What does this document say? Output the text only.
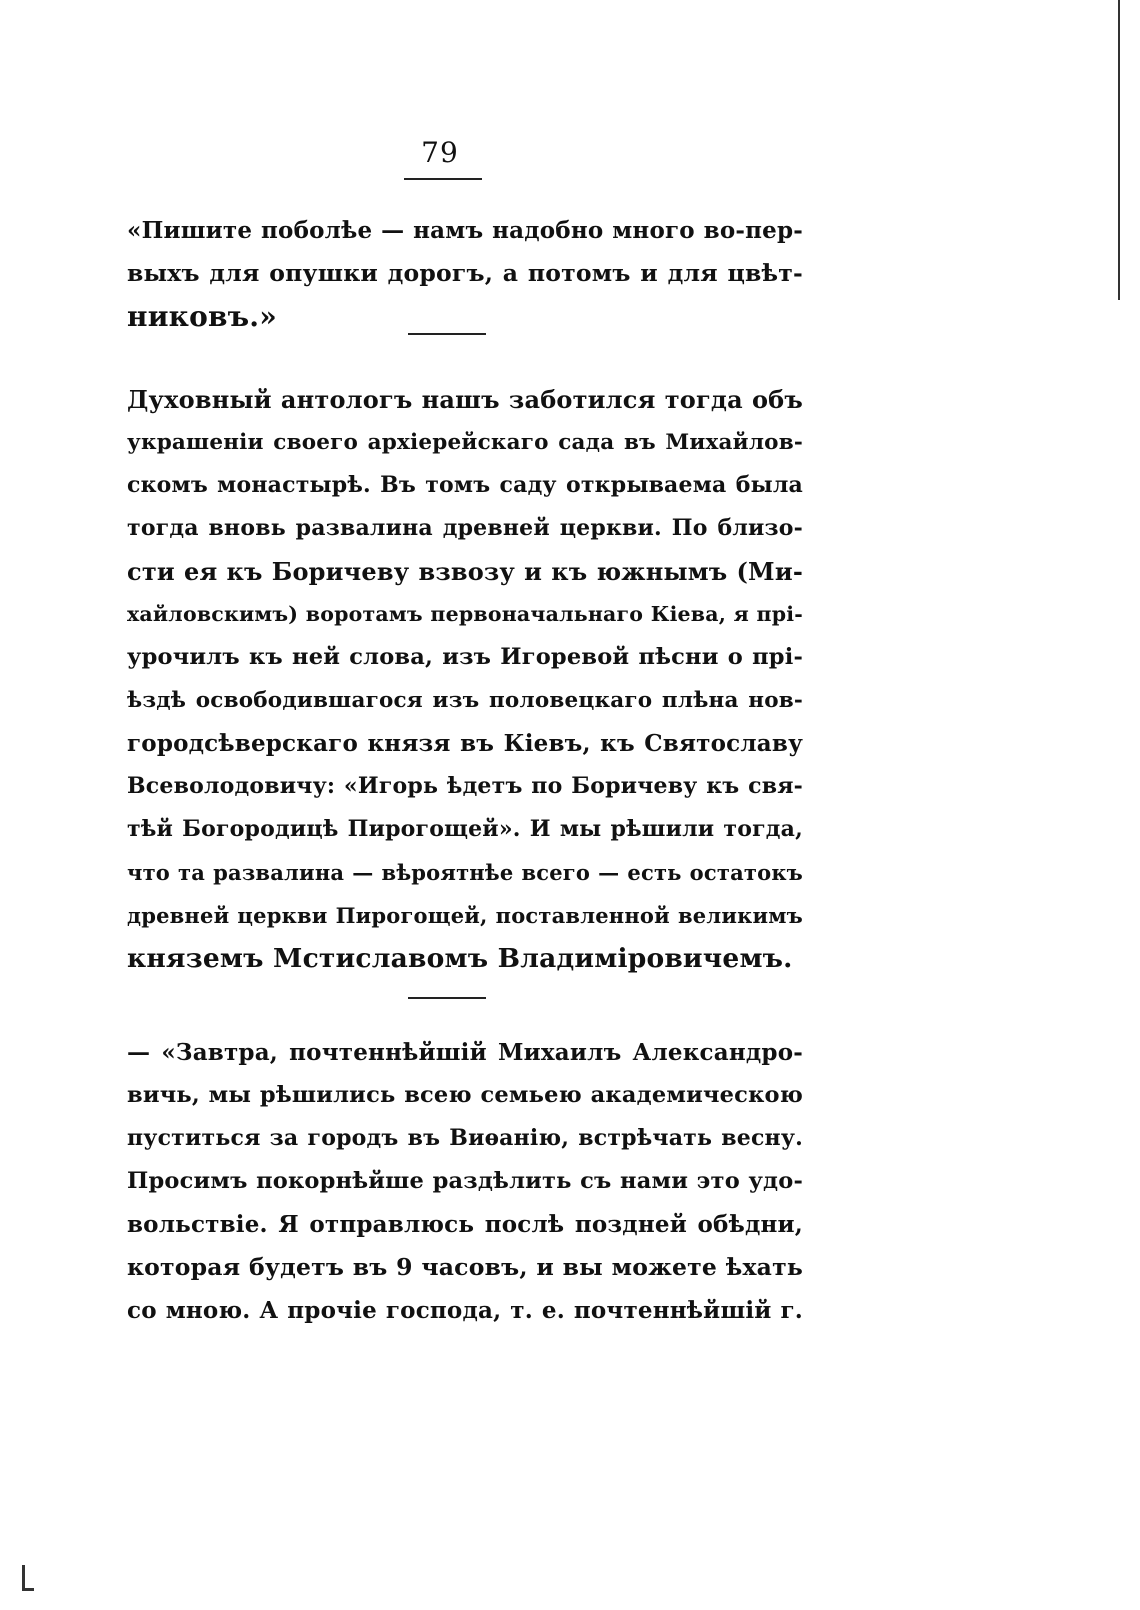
79
«Пишите поболѣе — намъ надобно много во-пер-
выхъ для опушки дорогъ, а потомъ и для цвѣт-
никовъ.»
Духовный антологъ нашъ заботился тогда объ
украшеніи своего архіерейскаго сада въ Михайлов-
скомъ монастырѣ. Въ томъ саду открываема была
тогда вновь развалина древней церкви. По близо-
сти ея къ Боричеву взвозу и къ южнымъ (Ми-
хайловскимъ) воротамъ первоначальнаго Кіева, я прі-
урочилъ къ ней слова, изъ Игоревой пѣсни о прі-
ѣздѣ освободившагося изъ половецкаго плѣна нов-
городсѣверскаго князя въ Кіевъ, къ Святославу
Всеволодовичу: «Игорь ѣдетъ по Боричеву къ свя-
тѣй Богородицѣ Пирогощей». И мы рѣшили тогда,
что та развалина — вѣроятнѣе всего — есть остатокъ
древней церкви Пирогощей, поставленной великимъ
княземъ Мстиславомъ Владиміровичемъ.
— «Завтра, почтеннѣйшій Михаилъ Александро-
вичь, мы рѣшились всею семьею академическою
пуститься за городъ въ Виѳанію, встрѣчать весну.
Просимъ покорнѣйше раздѣлить съ нами это удо-
вольствіе. Я отправлюсь послѣ поздней обѣдни,
которая будетъ въ 9 часовъ, и вы можете ѣхать
со мною. А прочіе господа, т. е. почтеннѣйшій г.
